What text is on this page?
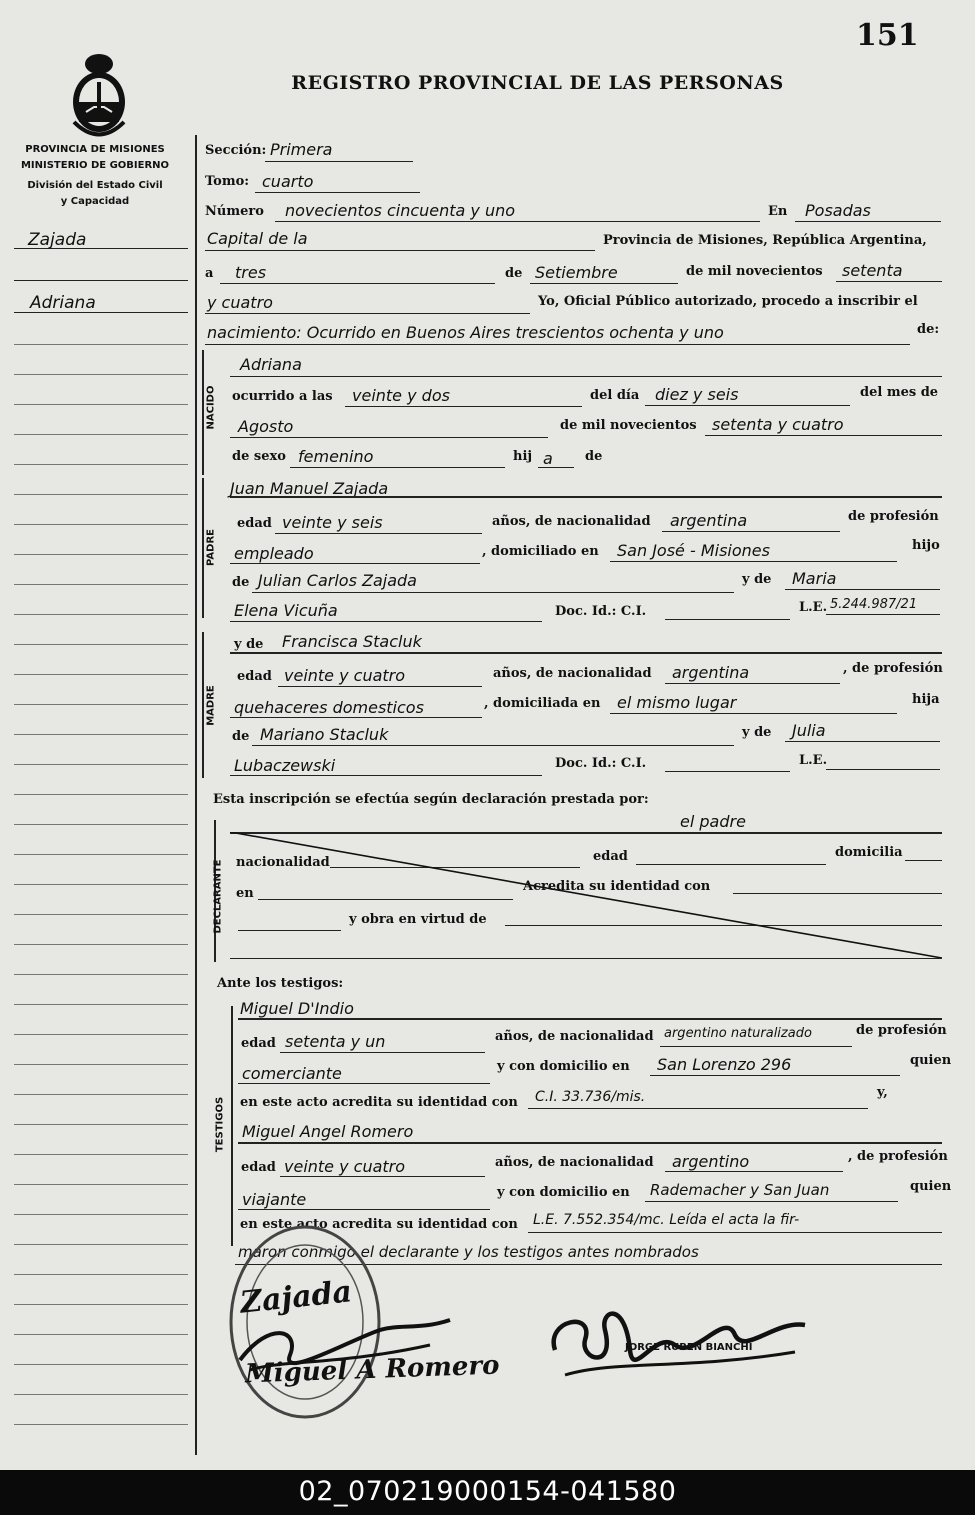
151
REGISTRO PROVINCIAL DE LAS PERSONAS
PROVINCIA DE MISIONES
MINISTERIO DE GOBIERNO
División del Estado Civil
y Capacidad
Zajada
Adriana
Sección: Primera
Tomo: cuarto
Número novecientos cincuenta y uno	En Posadas
Capital de la	Provincia de Misiones, República Argentina,
a tres	de Setiembre	de mil novecientos setenta
y cuatro	Yo, Oficial Público autorizado, procedo a inscribir el
nacimiento: Ocurrido en Buenos Aires trescientos ochenta y uno	de:
NACIDO
Adriana
ocurrido a las veinte y dos	del día diez y seis	del mes de
Agosto	de mil novecientos setenta y cuatro
de sexo femenino	hij a de
PADRE
Juan Manuel Zajada
edad veinte y seis	años, de nacionalidad argentina	de profesión
empleado	, domiciliado en San José - Misiones	hijo
de Julian Carlos Zajada	y de Maria
Elena Vicuña	Doc. Id.: C.I.	L.E. 5.244.987/21
MADRE
y de Francisca Stacluk
edad veinte y cuatro	años, de nacionalidad argentina	, de profesión
quehaceres domesticos	, domiciliada en el mismo lugar	hija
de Mariano Stacluk	y de Julia
Lubaczewski	Doc. Id.: C.I.	L.E.
Esta inscripción se efectúa según declaración prestada por:
DECLARANTE
el padre
nacionalidad	edad	domicilia
en	Acredita su identidad con
y obra en virtud de
Ante los testigos:
TESTIGOS
Miguel D'Indio
edad setenta y un	años, de nacionalidad argentino naturalizado	de profesión
comerciante	y con domicilio en San Lorenzo 296	quien
en este acto acredita su identidad con C.I. 33.736/mis.	y,
Miguel Angel Romero
edad veinte y cuatro	años, de nacionalidad argentino	, de profesión
viajante	y con domicilio en Rademacher y San Juan	quien
en este acto acredita su identidad con L.E. 7.552.354/mc. Leída el acta la fir-
maron conmigo el declarante y los testigos antes nombrados
Zajada
Miguel A Romero
JORGE RUBEN BIANCHI
02_070219000154-041580
